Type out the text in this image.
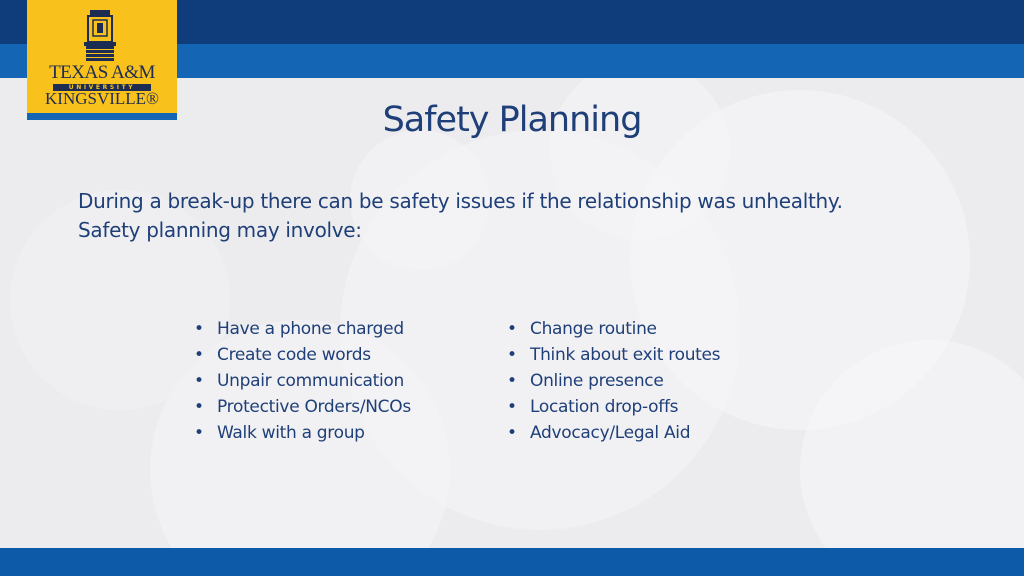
TEXAS A&M
UNIVERSITY
KINGSVILLE®
Safety Planning
During a break-up there can be safety issues if the relationship was unhealthy.
Safety planning may involve:
• Have a phone charged
• Create code words
• Unpair communication
• Protective Orders/NCOs
• Walk with a group
• Change routine
• Think about exit routes
• Online presence
• Location drop-offs
• Advocacy/Legal Aid
